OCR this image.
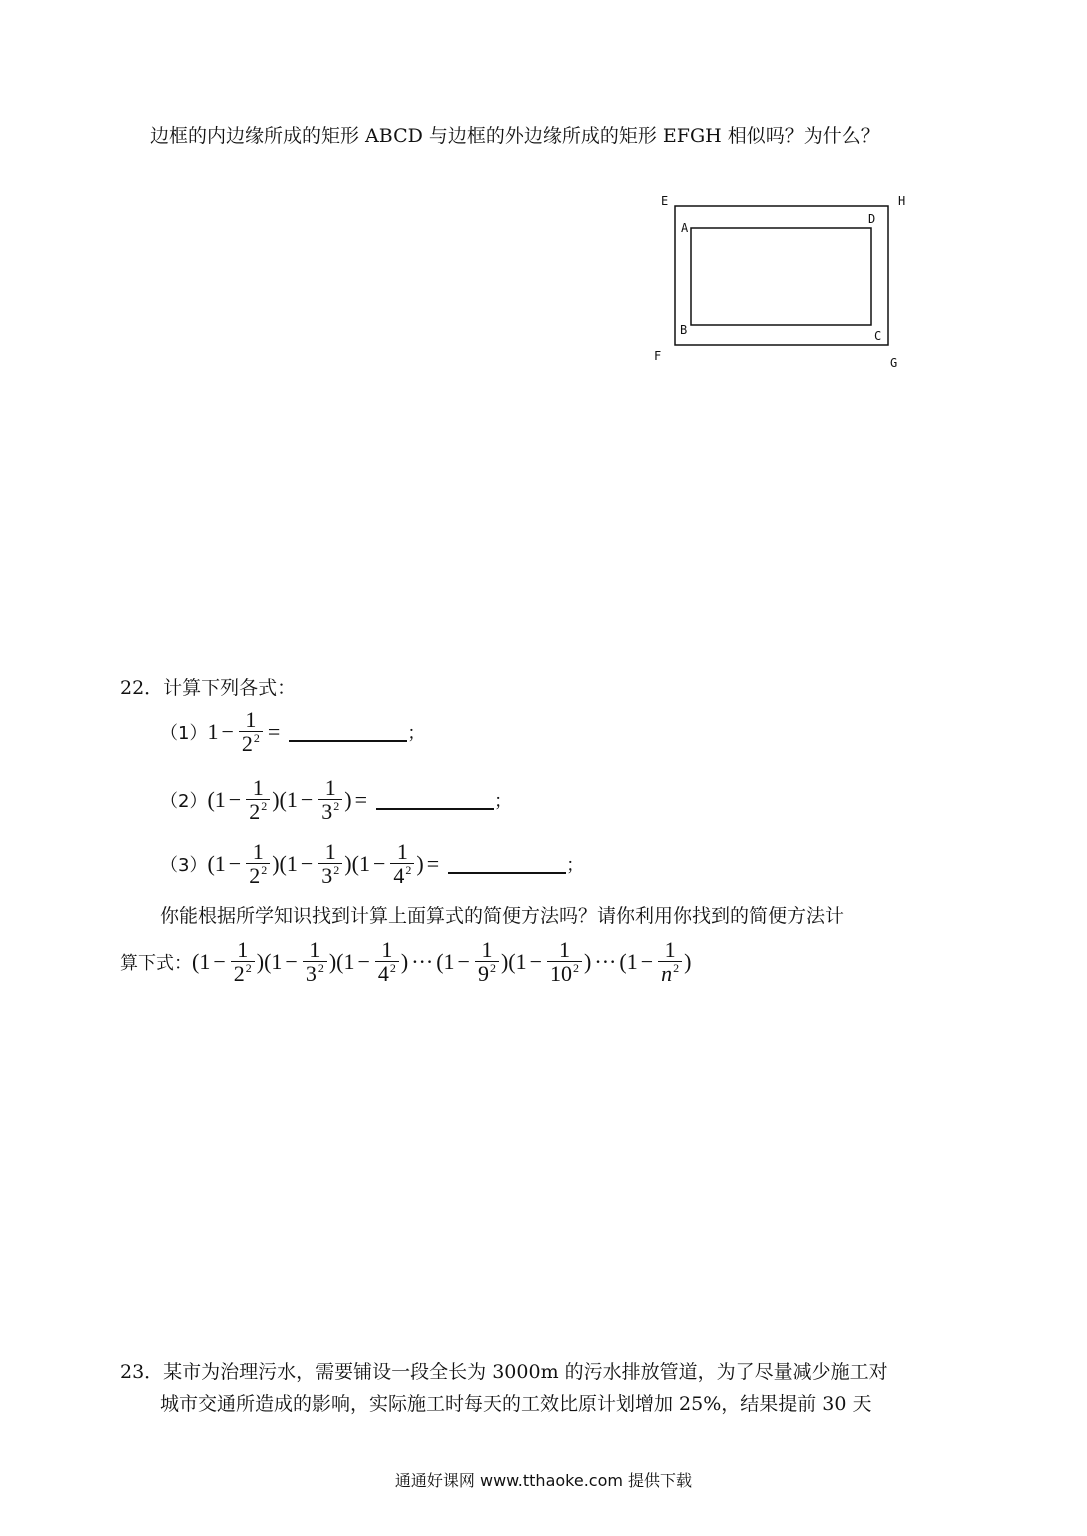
边框的内边缘所成的矩形 ABCD 与边框的外边缘所成的矩形 EFGH 相似吗？为什么？
E	H
A
D
B	C
F	G
22．计算下列各式：
（1） $1 - \frac{1}{2^2}$ =	；
（2） ( $1 - \frac{1}{2^2}$ ) ( $1 - \frac{1}{3^2}$ ) =	；
（3） ( $1 - \frac{1}{2^2}$ ) ( $1 - \frac{1}{3^2}$ ) ( $1 - \frac{1}{4^2}$ ) =	；
你能根据所学知识找到计算上面算式的简便方法吗？请你利用你找到的简便方法计
算下式： ( $1 - \frac{1}{2^2}$ ) ( $1 - \frac{1}{3^2}$ ) ( $1 - \frac{1}{4^2}$ ) ··· ( $1 - \frac{1}{9^2}$ ) ( $1 - \frac{1}{10^2}$ ) ··· ( $1 - \frac{1}{n^2}$ )
23．某市为治理污水，需要铺设一段全长为 3000m 的污水排放管道，为了尽量减少施工对
城市交通所造成的影响，实际施工时每天的工效比原计划增加 25%，结果提前 30 天
通通好课网 www.tthaoke.com 提供下载
